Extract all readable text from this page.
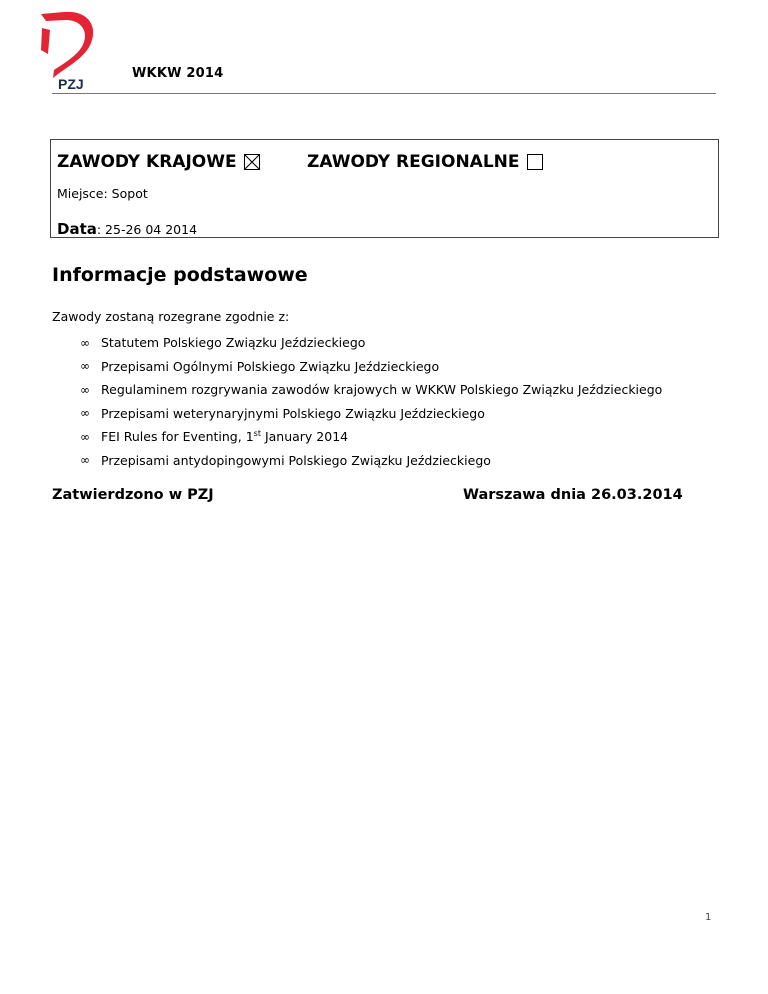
PZJ
WKKW 2014
ZAWODY KRAJOWE	ZAWODY REGIONALNE
Miejsce: Sopot
Data: 25-26 04 2014
Informacje podstawowe
Zawody zostaną rozegrane zgodnie z:
∞ Statutem Polskiego Związku Jeździeckiego
∞ Przepisami Ogólnymi Polskiego Związku Jeździeckiego
∞ Regulaminem rozgrywania zawodów krajowych w WKKW Polskiego Związku Jeździeckiego
∞ Przepisami weterynaryjnymi Polskiego Związku Jeździeckiego
∞ FEI Rules for Eventing, 1st January 2014
∞ Przepisami antydopingowymi Polskiego Związku Jeździeckiego
Zatwierdzono w PZJ	Warszawa dnia 26.03.2014
1
